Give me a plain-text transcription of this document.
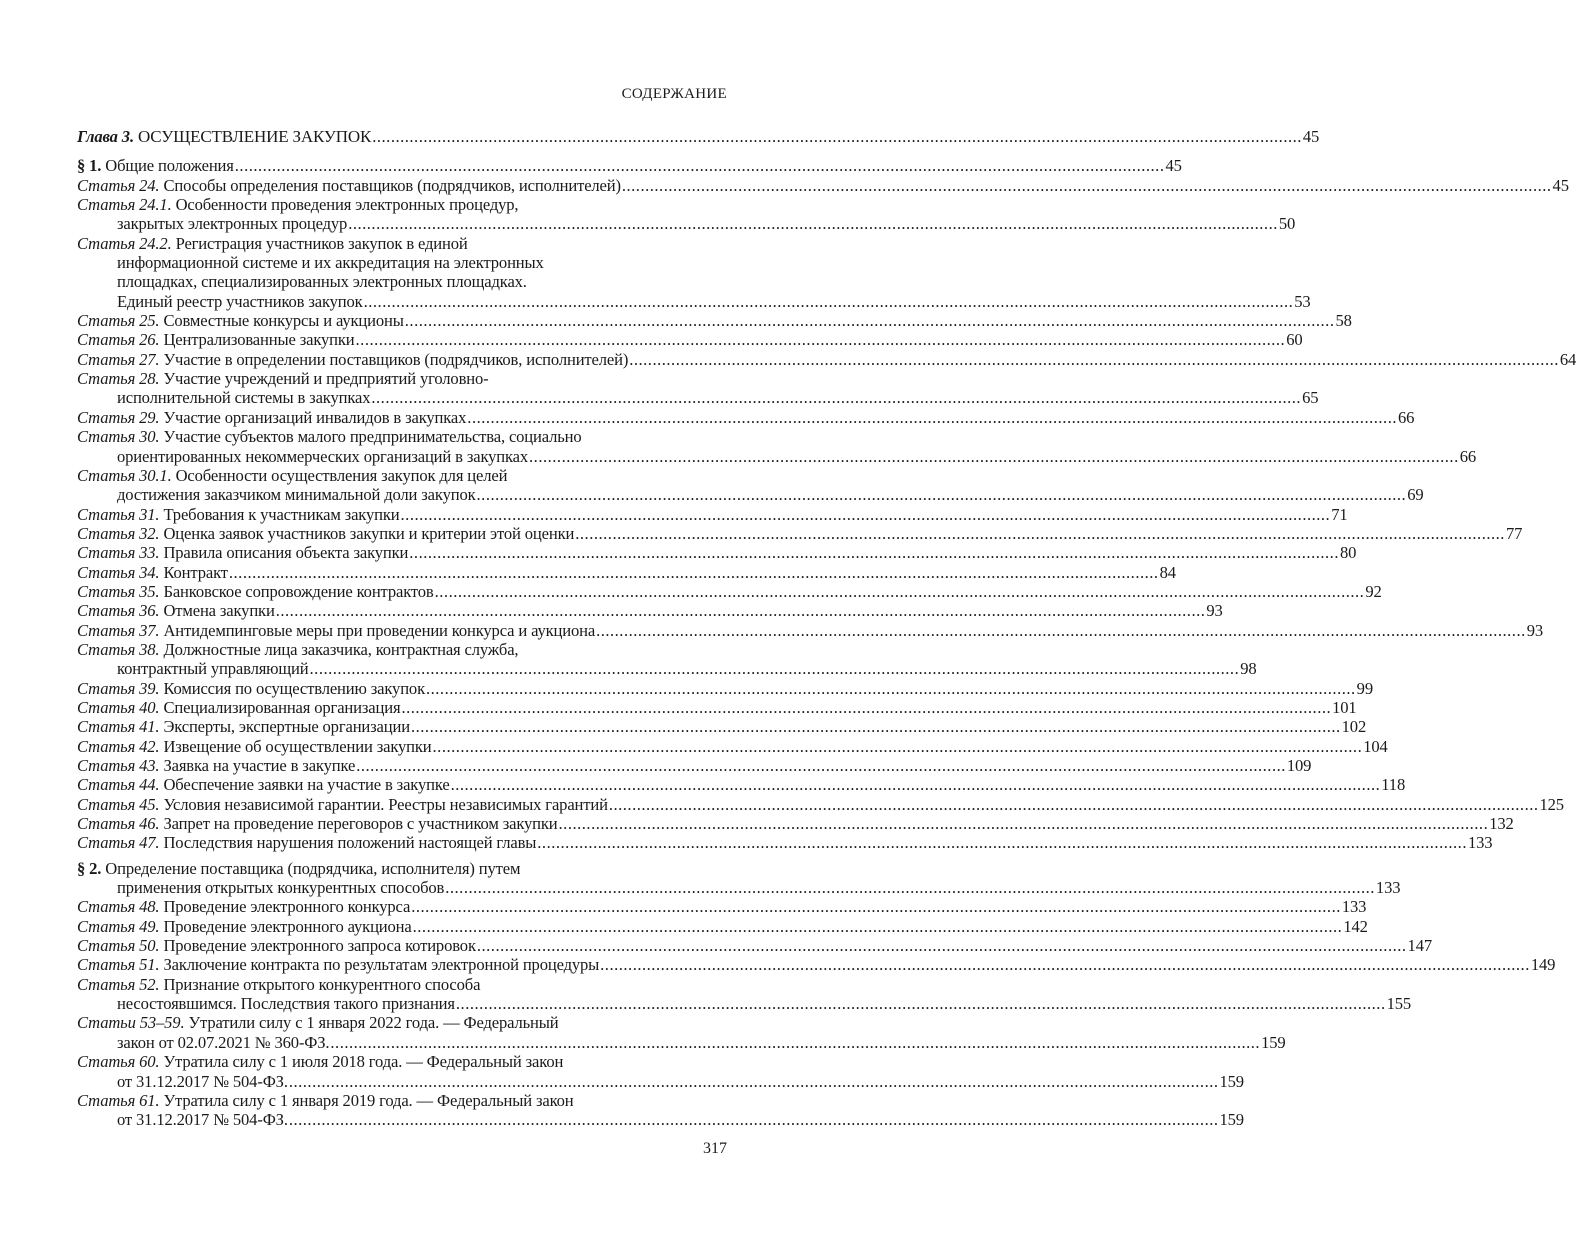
СОДЕРЖАНИЕ
Глава 3. ОСУЩЕСТВЛЕНИЕ ЗАКУПОК ........................................................................................................................................................................................................ 45
§ 1. Общие положения ........................................................................................................................................................................................................ 45
Статья 24. Способы определения поставщиков (подрядчиков, исполнителей) ........................................................................................................................................................................................................ 45
Статья 24.1. Особенности проведения электронных процедур,
закрытых электронных процедур ........................................................................................................................................................................................................ 50
Статья 24.2. Регистрация участников закупок в единой
информационной системе и их аккредитация на электронных
площадках, специализированных электронных площадках.
Единый реестр участников закупок ........................................................................................................................................................................................................ 53
Статья 25. Совместные конкурсы и аукционы ........................................................................................................................................................................................................ 58
Статья 26. Централизованные закупки ........................................................................................................................................................................................................ 60
Статья 27. Участие в определении поставщиков (подрядчиков, исполнителей) ........................................................................................................................................................................................................ 64
Статья 28. Участие учреждений и предприятий уголовно-
исполнительной системы в закупках ........................................................................................................................................................................................................ 65
Статья 29. Участие организаций инвалидов в закупках ........................................................................................................................................................................................................ 66
Статья 30. Участие субъектов малого предпринимательства, социально
ориентированных некоммерческих организаций в закупках ........................................................................................................................................................................................................ 66
Статья 30.1. Особенности осуществления закупок для целей
достижения заказчиком минимальной доли закупок ........................................................................................................................................................................................................ 69
Статья 31. Требования к участникам закупки ........................................................................................................................................................................................................ 71
Статья 32. Оценка заявок участников закупки и критерии этой оценки ........................................................................................................................................................................................................ 77
Статья 33. Правила описания объекта закупки ........................................................................................................................................................................................................ 80
Статья 34. Контракт ........................................................................................................................................................................................................ 84
Статья 35. Банковское сопровождение контрактов ........................................................................................................................................................................................................ 92
Статья 36. Отмена закупки ........................................................................................................................................................................................................ 93
Статья 37. Антидемпинговые меры при проведении конкурса и аукциона ........................................................................................................................................................................................................ 93
Статья 38. Должностные лица заказчика, контрактная служба,
контрактный управляющий ........................................................................................................................................................................................................ 98
Статья 39. Комиссия по осуществлению закупок ........................................................................................................................................................................................................ 99
Статья 40. Специализированная организация ........................................................................................................................................................................................................ 101
Статья 41. Эксперты, экспертные организации ........................................................................................................................................................................................................ 102
Статья 42. Извещение об осуществлении закупки ........................................................................................................................................................................................................ 104
Статья 43. Заявка на участие в закупке ........................................................................................................................................................................................................ 109
Статья 44. Обеспечение заявки на участие в закупке ........................................................................................................................................................................................................ 118
Статья 45. Условия независимой гарантии. Реестры независимых гарантий ........................................................................................................................................................................................................ 125
Статья 46. Запрет на проведение переговоров с участником закупки ........................................................................................................................................................................................................ 132
Статья 47. Последствия нарушения положений настоящей главы ........................................................................................................................................................................................................ 133
§ 2. Определение поставщика (подрядчика, исполнителя) путем
применения открытых конкурентных способов ........................................................................................................................................................................................................ 133
Статья 48. Проведение электронного конкурса ........................................................................................................................................................................................................ 133
Статья 49. Проведение электронного аукциона ........................................................................................................................................................................................................ 142
Статья 50. Проведение электронного запроса котировок ........................................................................................................................................................................................................ 147
Статья 51. Заключение контракта по результатам электронной процедуры ........................................................................................................................................................................................................ 149
Статья 52. Признание открытого конкурентного способа
несостоявшимся. Последствия такого признания ........................................................................................................................................................................................................ 155
Статьи 53–59. Утратили силу с 1 января 2022 года. — Федеральный
закон от 02.07.2021 № 360-ФЗ. ........................................................................................................................................................................................................ 159
Статья 60. Утратила силу с 1 июля 2018 года. — Федеральный закон
от 31.12.2017 № 504-ФЗ. ........................................................................................................................................................................................................ 159
Статья 61. Утратила силу с 1 января 2019 года. — Федеральный закон
от 31.12.2017 № 504-ФЗ. ........................................................................................................................................................................................................ 159
317
